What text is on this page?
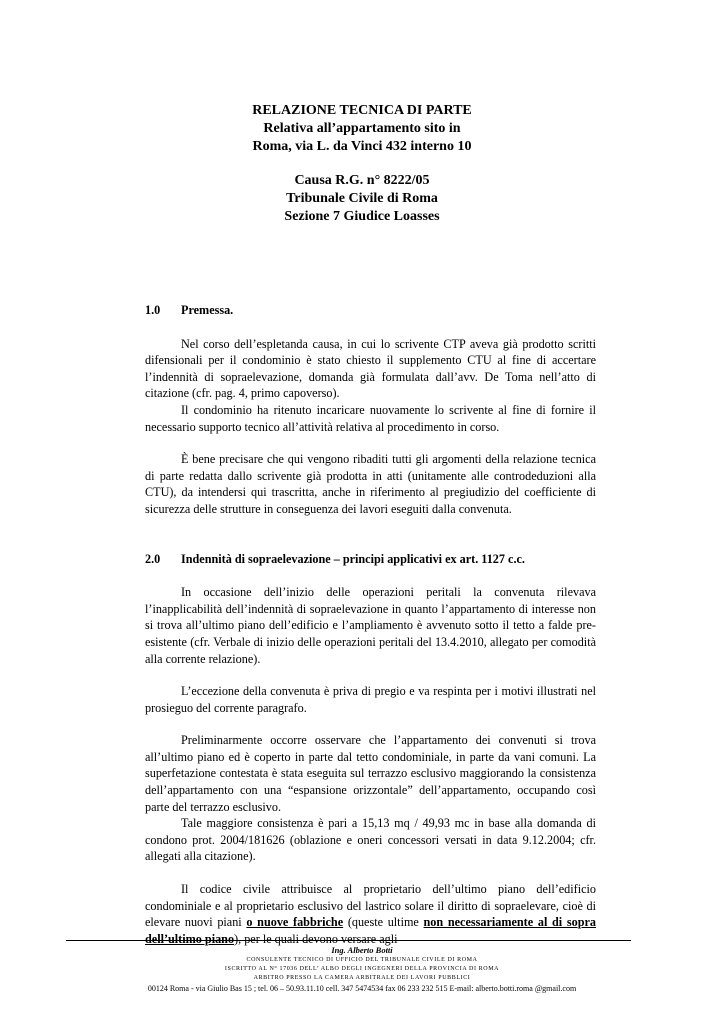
RELAZIONE TECNICA DI PARTE
Relativa all’appartamento sito in
Roma, via L. da Vinci 432 interno 10
Causa R.G. n° 8222/05
Tribunale Civile di Roma
Sezione 7 Giudice Loasses
1.0	Premessa.

Nel corso dell’espletanda causa, in cui lo scrivente CTP aveva già prodotto scritti difensionali per il condominio è stato chiesto il supplemento CTU al fine di accertare l’indennità di sopraelevazione, domanda già formulata dall’avv. De Toma nell’atto di citazione (cfr. pag. 4, primo capoverso).

Il condominio ha ritenuto incaricare nuovamente lo scrivente al fine di fornire il necessario supporto tecnico all’attività relativa al procedimento in corso.

È bene precisare che qui vengono ribaditi tutti gli argomenti della relazione tecnica di parte redatta dallo scrivente già prodotta in atti (unitamente alle controdeduzioni alla CTU), da intendersi qui trascritta, anche in riferimento al pregiudizio del coefficiente di sicurezza delle strutture in conseguenza dei lavori eseguiti dalla convenuta.

2.0	Indennità di sopraelevazione – principi applicativi ex art. 1127 c.c.

In occasione dell’inizio delle operazioni peritali la convenuta rilevava l’inapplicabilità dell’indennità di sopraelevazione in quanto l’appartamento di interesse non si trova all’ultimo piano dell’edificio e l’ampliamento è avvenuto sotto il tetto a falde pre-esistente (cfr. Verbale di inizio delle operazioni peritali del 13.4.2010, allegato per comodità alla corrente relazione).

L’eccezione della convenuta è priva di pregio e va respinta per i motivi illustrati nel prosieguo del corrente paragrafo.

Preliminarmente occorre osservare che l’appartamento dei convenuti si trova all’ultimo piano ed è coperto in parte dal tetto condominiale, in parte da vani comuni. La superfetazione contestata è stata eseguita sul terrazzo esclusivo maggiorando la consistenza dell’appartamento con una “espansione orizzontale” dell’appartamento, occupando così parte del terrazzo esclusivo.

Tale maggiore consistenza è pari a 15,13 mq / 49,93 mc in base alla domanda di condono prot. 2004/181626 (oblazione e oneri concessori versati in data 9.12.2004; cfr. allegati alla citazione).

Il codice civile attribuisce al proprietario dell’ultimo piano dell’edificio condominiale e al proprietario esclusivo del lastrico solare il diritto di sopraelevare, cioè di elevare nuovi piani o nuove fabbriche (queste ultime non necessariamente al di sopra dell’ultimo piano), per le quali devono versare agli

Ing. Alberto Botti
CONSULENTE TECNICO DI UFFICIO DEL TRIBUNALE CIVILE DI ROMA
ISCRITTO AL N° 17036 DELL’ ALBO DEGLI INGEGNERI DELLA PROVINCIA DI ROMA
ARBITRO PRESSO LA CAMERA ARBITRALE DEI LAVORI PUBBLICI
00124 Roma - via Giulio Bas 15 ; tel. 06 – 50.93.11.10 cell. 347 5474534 fax 06 233 232 515 E-mail: alberto.botti.roma @gmail.com
